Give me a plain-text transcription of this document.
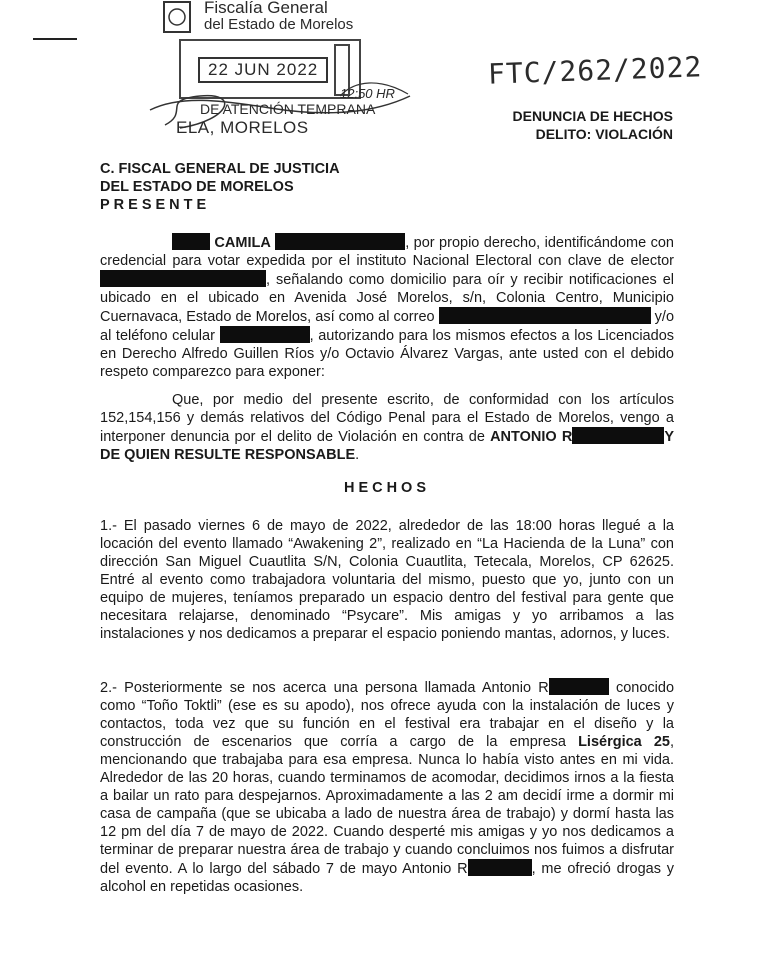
Fiscalía General
del Estado de Morelos
22 JUN 2022
12:50 HR
DE ATENCIÓN TEMPRANA
ELA, MORELOS
FTC/262/2022
DENUNCIA DE HECHOS
DELITO: VIOLACIÓN
C. FISCAL GENERAL DE JUSTICIA
DEL ESTADO DE MORELOS
PRESENTE
CAMILA	, por propio derecho, identificándome con credencial para votar expedida por el instituto Nacional Electoral con clave de elector , señalando como domicilio para oír y recibir notificaciones el ubicado en el ubicado en Avenida José Morelos, s/n, Colonia Centro, Municipio Cuernavaca, Estado de Morelos, así como al correo	y/o al teléfono celular	, autorizando para los mismos efectos a los Licenciados en Derecho Alfredo Guillen Ríos y/o Octavio Álvarez Vargas, ante usted con el debido respeto comparezco para exponer:
Que, por medio del presente escrito, de conformidad con los artículos 152,154,156 y demás relativos del Código Penal para el Estado de Morelos, vengo a interponer denuncia por el delito de Violación en contra de ANTONIO R	Y DE QUIEN RESULTE RESPONSABLE.
HECHOS
1.- El pasado viernes 6 de mayo de 2022, alrededor de las 18:00 horas llegué a la locación del evento llamado “Awakening 2”, realizado en “La Hacienda de la Luna” con dirección San Miguel Cuautlita S/N, Colonia Cuautlita, Tetecala, Morelos, CP 62625. Entré al evento como trabajadora voluntaria del mismo, puesto que yo, junto con un equipo de mujeres, teníamos preparado un espacio dentro del festival para gente que necesitara relajarse, denominado “Psycare”. Mis amigas y yo arribamos a las instalaciones y nos dedicamos a preparar el espacio poniendo mantas, adornos, y luces.
2.- Posteriormente se nos acerca una persona llamada Antonio R	conocido como “Toño Toktli” (ese es su apodo), nos ofrece ayuda con la instalación de luces y contactos, toda vez que su función en el festival era trabajar en el diseño y la construcción de escenarios que corría a cargo de la empresa Lisérgica 25, mencionando que trabajaba para esa empresa. Nunca lo había visto antes en mi vida. Alrededor de las 20 horas, cuando terminamos de acomodar, decidimos irnos a la fiesta a bailar un rato para despejarnos. Aproximadamente a las 2 am decidí irme a dormir mi casa de campaña (que se ubicaba a lado de nuestra área de trabajo) y dormí hasta las 12 pm del día 7 de mayo de 2022. Cuando desperté mis amigas y yo nos dedicamos a terminar de preparar nuestra área de trabajo y cuando concluimos nos fuimos a disfrutar del evento. A lo largo del sábado 7 de mayo Antonio R	, me ofreció drogas y alcohol en repetidas ocasiones.
